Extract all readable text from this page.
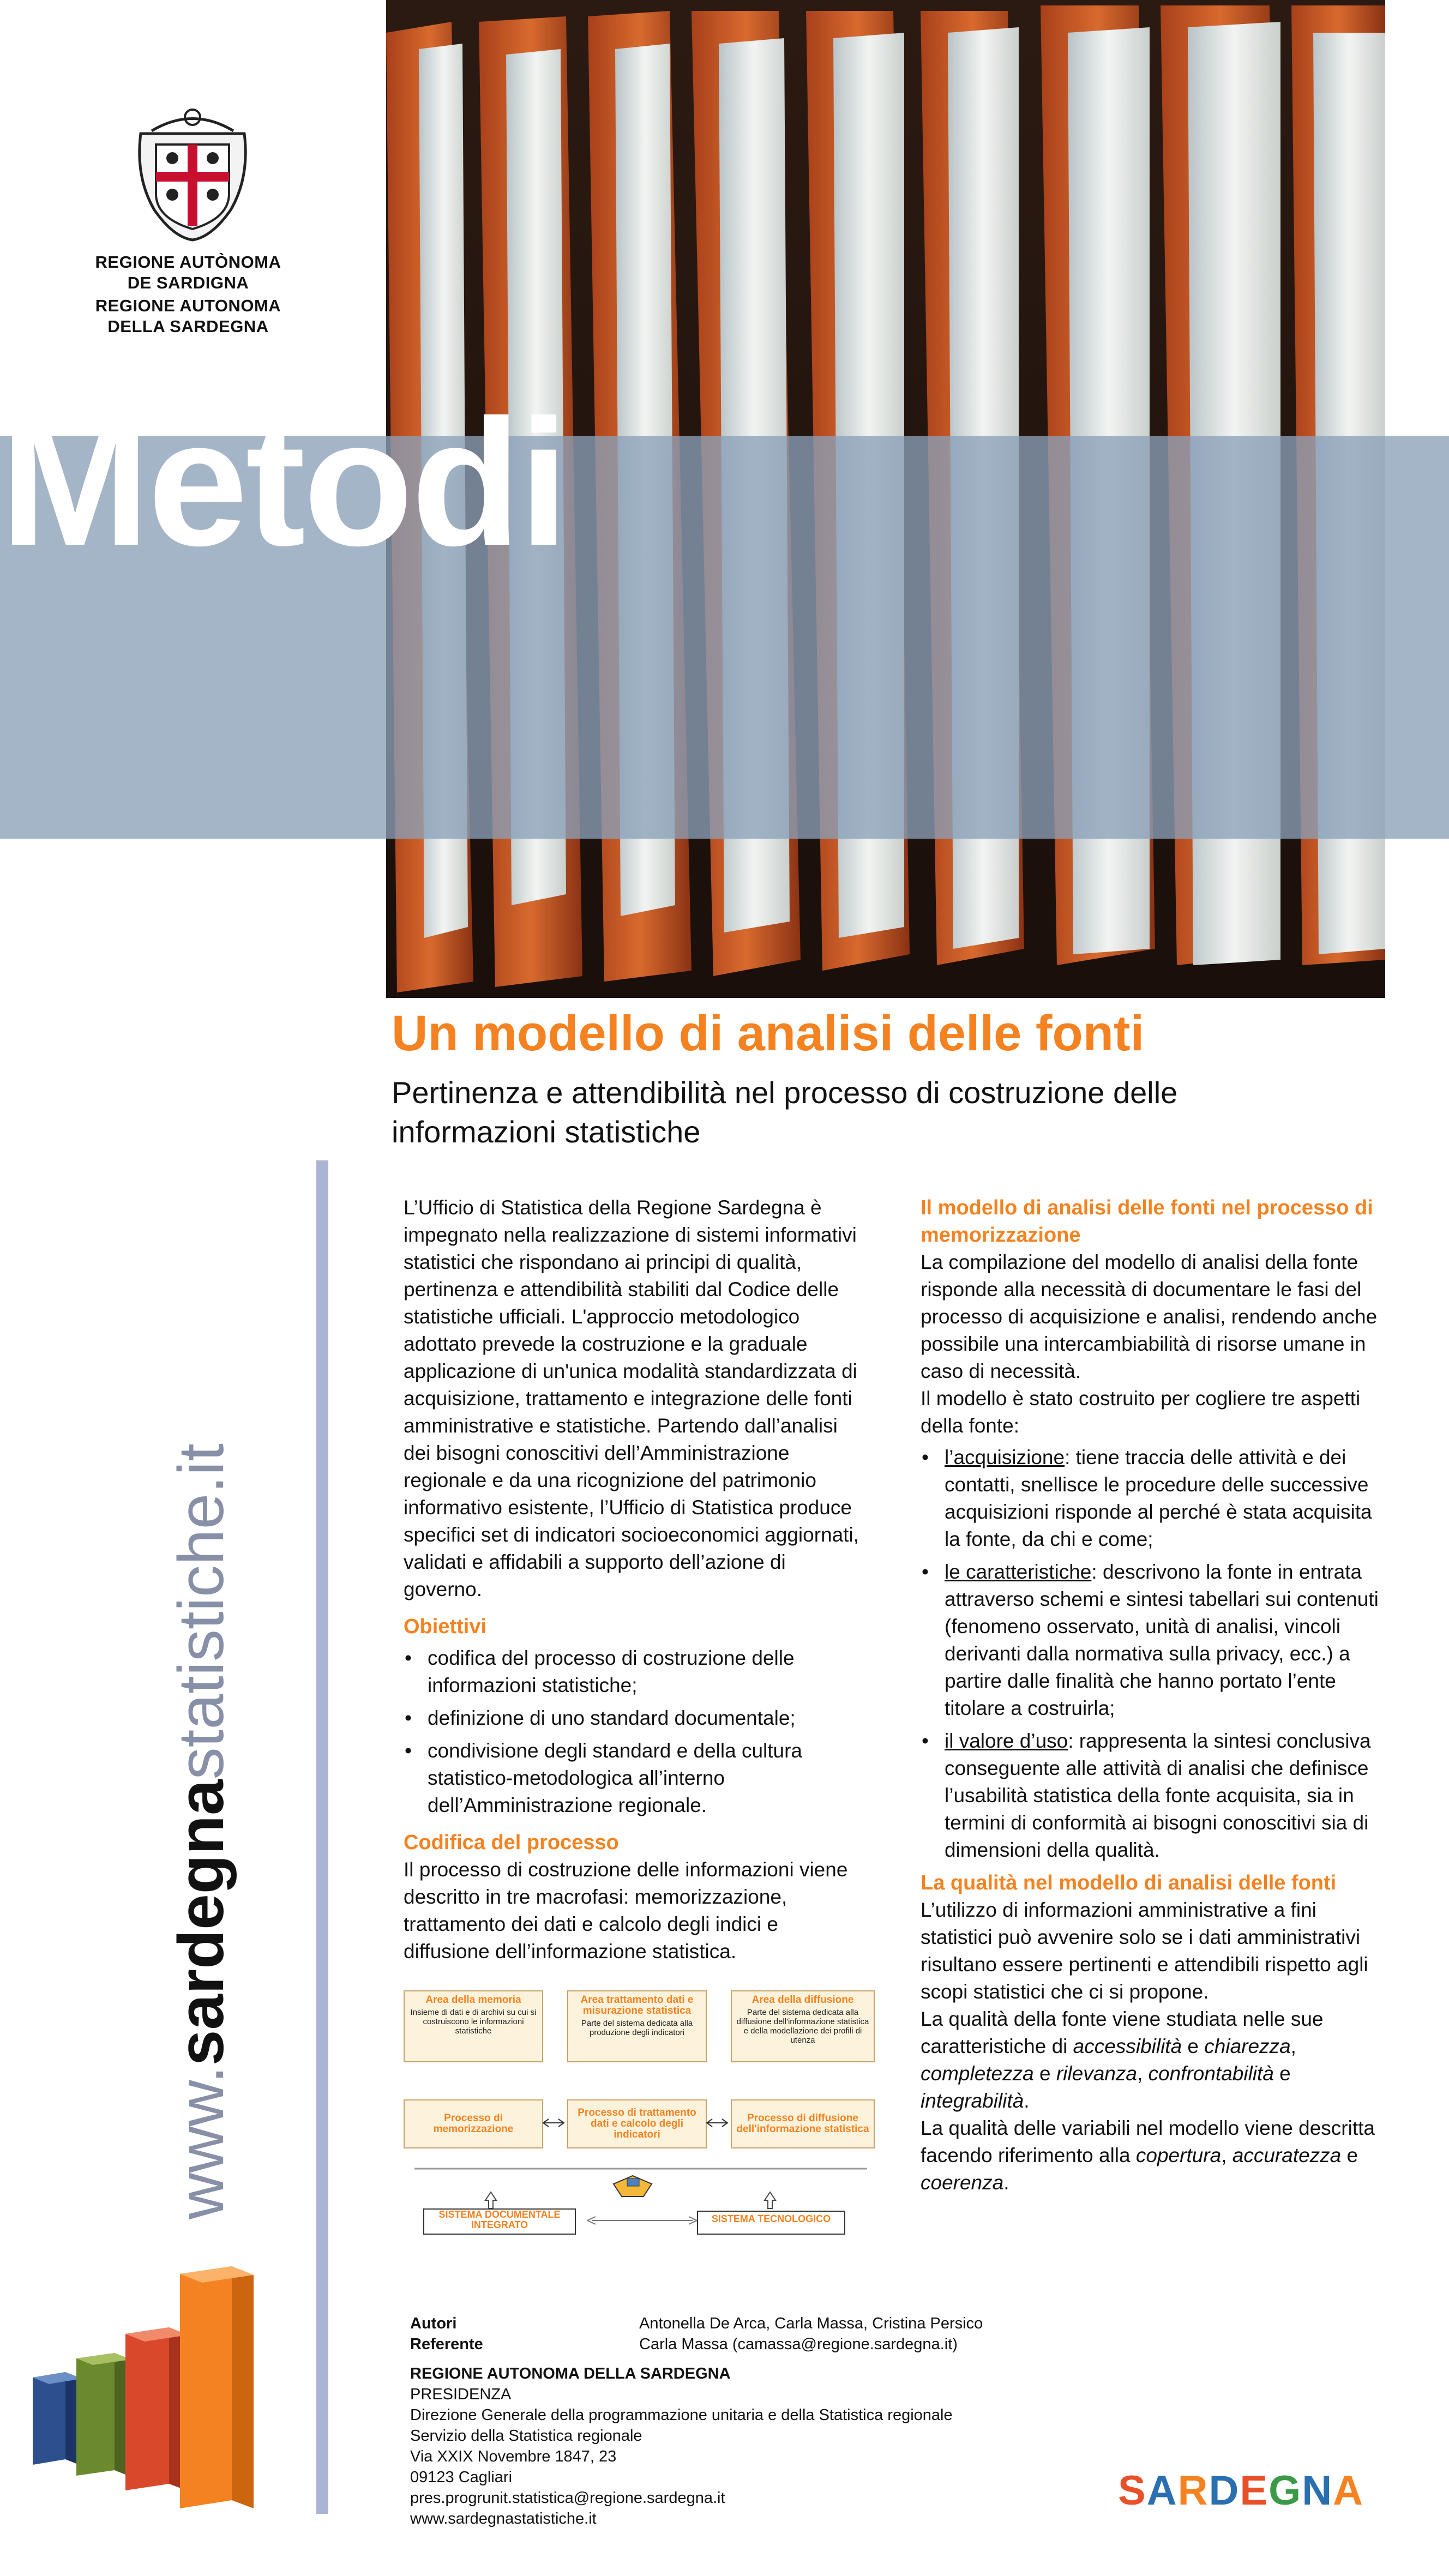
REGIONE AUTÒNOMA
DE SARDIGNA
REGIONE AUTONOMA
DELLA SARDEGNA
Metodi
Un modello di analisi delle fonti
Pertinenza e attendibilità nel processo di costruzione delle informazioni statistiche
www.sardegnastatistiche.it

L’Ufficio di Statistica della Regione Sardegna è impegnato nella realizzazione di sistemi informativi statistici che rispondano ai principi di qualità, pertinenza e attendibilità stabiliti dal Codice delle statistiche ufficiali. L'approccio metodologico adottato prevede la costruzione e la graduale applicazione di un'unica modalità standardizzata di acquisizione, trattamento e integrazione delle fonti amministrative e statistiche. Partendo dall’analisi dei bisogni conoscitivi dell’Amministrazione regionale e da una ricognizione del patrimonio informativo esistente, l’Ufficio di Statistica produce specifici set di indicatori socioeconomici aggiornati, validati e affidabili a supporto dell’azione di governo.

Obiettivi
• codifica del processo di costruzione delle informazioni statistiche;
• definizione di uno standard documentale;
• condivisione degli standard e della cultura statistico-metodologica all’interno dell’Amministrazione regionale.
Codifica del processo

Il processo di costruzione delle informazioni viene descritto in tre macrofasi: memorizzazione, trattamento dei dati e calcolo degli indici e diffusione dell’informazione statistica.

Area della memoria
Insieme di dati e di archivi su cui si costruiscono le informazioni statistiche
Area trattamento dati e misurazione statistica
Parte del sistema dedicata alla produzione degli indicatori
Area della diffusione
Parte del sistema dedicata alla diffusione dell'informazione statistica e della modellazione dei profili di utenza
Processo di memorizzazione
Processo di trattamento dati e calcolo degli indicatori
Processo di diffusione dell'informazione statistica
SISTEMA DOCUMENTALE INTEGRATO
SISTEMA TECNOLOGICO
Il modello di analisi delle fonti nel processo di memorizzazione

La compilazione del modello di analisi della fonte risponde alla necessità di documentare le fasi del processo di acquisizione e analisi, rendendo anche possibile una intercambiabilità di risorse umane in caso di necessità.

Il modello è stato costruito per cogliere tre aspetti della fonte:

• l’acquisizione: tiene traccia delle attività e dei contatti, snellisce le procedure delle successive acquisizioni risponde al perché è stata acquisita la fonte, da chi e come;
• le caratteristiche: descrivono la fonte in entrata attraverso schemi e sintesi tabellari sui contenuti (fenomeno osservato, unità di analisi, vincoli derivanti dalla normativa sulla privacy, ecc.) a partire dalle finalità che hanno portato l’ente titolare a costruirla;
• il valore d’uso: rappresenta la sintesi conclusiva conseguente alle attività di analisi che definisce l’usabilità statistica della fonte acquisita, sia in termini di conformità ai bisogni conoscitivi sia di dimensioni della qualità.
La qualità nel modello di analisi delle fonti

L’utilizzo di informazioni amministrative a fini statistici può avvenire solo se i dati amministrativi risultano essere pertinenti e attendibili rispetto agli scopi statistici che ci si propone.

La qualità della fonte viene studiata nelle sue caratteristiche di accessibilità e chiarezza, completezza e rilevanza, confrontabilità e integrabilità.

La qualità delle variabili nel modello viene descritta facendo riferimento alla copertura, accuratezza e coerenza.

Autori	Antonella De Arca, Carla Massa, Cristina Persico
Referente	Carla Massa (camassa@regione.sardegna.it)
REGIONE AUTONOMA DELLA SARDEGNA
PRESIDENZA
Direzione Generale della programmazione unitaria e della Statistica regionale
Servizio della Statistica regionale
Via XXIX Novembre 1847, 23
09123 Cagliari
pres.progrunit.statistica@regione.sardegna.it
www.sardegnastatistiche.it
SARDEGNA
